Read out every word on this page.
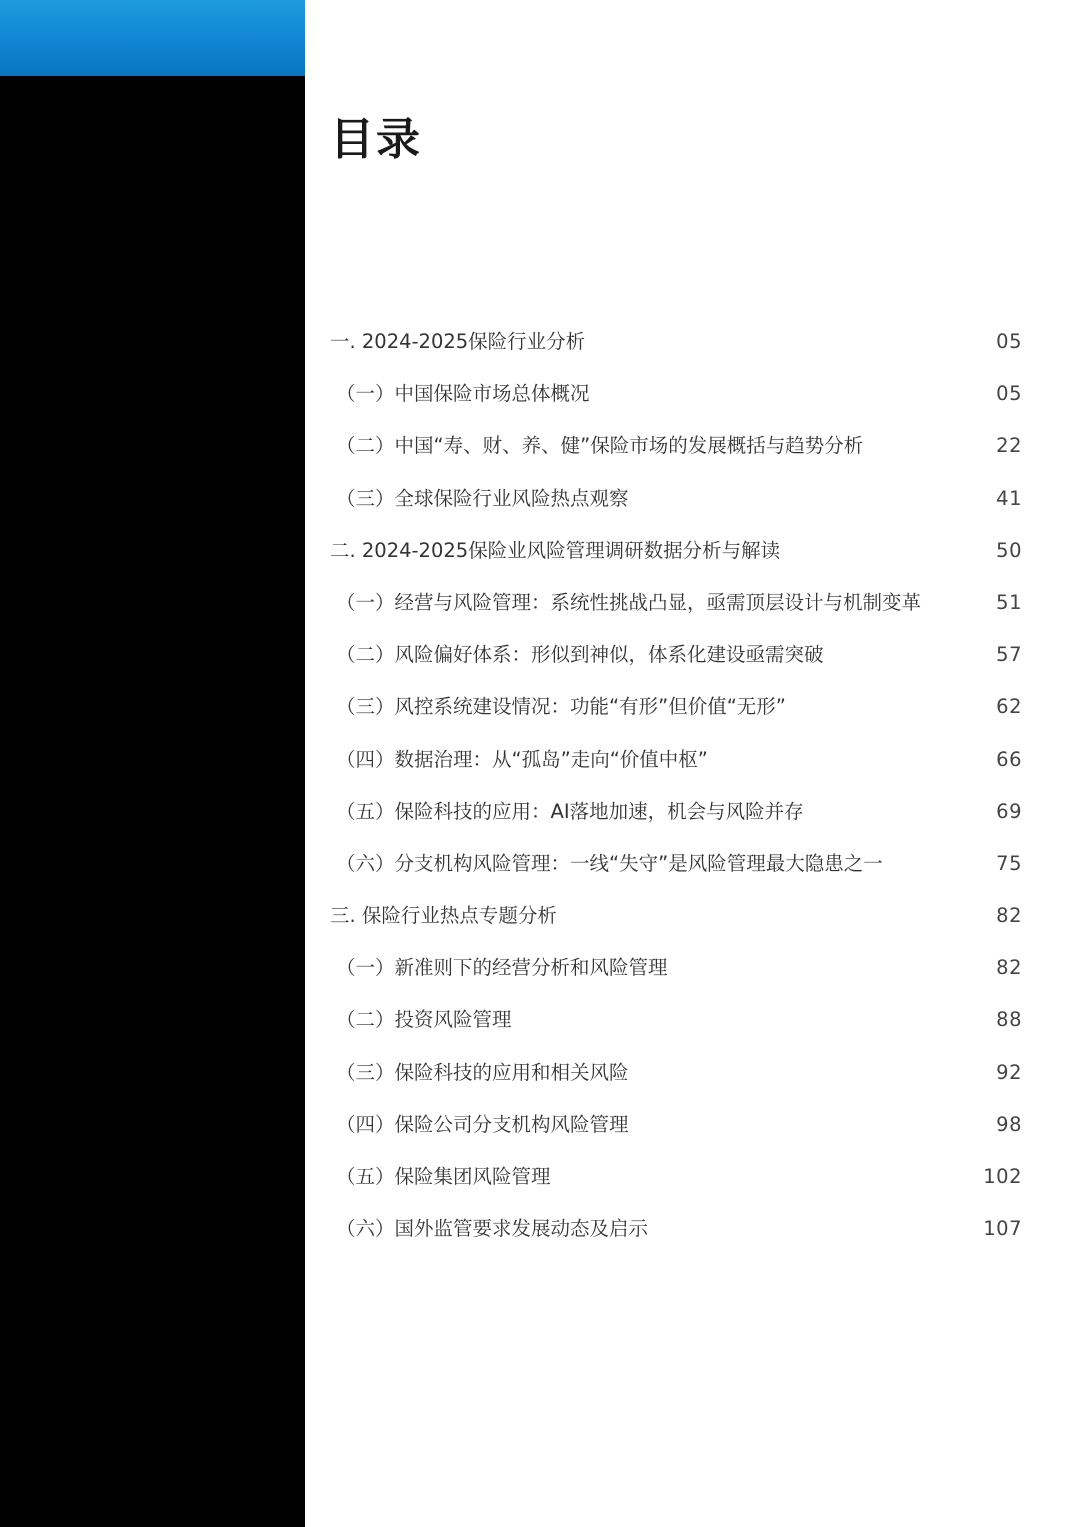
目录
一. 2024-2025保险行业分析	05
（一）中国保险市场总体概况	05
（二）中国“寿、财、养、健”保险市场的发展概括与趋势分析	22
（三）全球保险行业风险热点观察	41
二. 2024-2025保险业风险管理调研数据分析与解读	50
（一）经营与风险管理：系统性挑战凸显，亟需顶层设计与机制变革	51
（二）风险偏好体系：形似到神似，体系化建设亟需突破	57
（三）风控系统建设情况：功能“有形”但价值“无形”	62
（四）数据治理：从“孤岛”走向“价值中枢”	66
（五）保险科技的应用：AI落地加速，机会与风险并存	69
（六）分支机构风险管理：一线“失守”是风险管理最大隐患之一	75
三. 保险行业热点专题分析	82
（一）新准则下的经营分析和风险管理	82
（二）投资风险管理	88
（三）保险科技的应用和相关风险	92
（四）保险公司分支机构风险管理	98
（五）保险集团风险管理	102
（六）国外监管要求发展动态及启示	107
